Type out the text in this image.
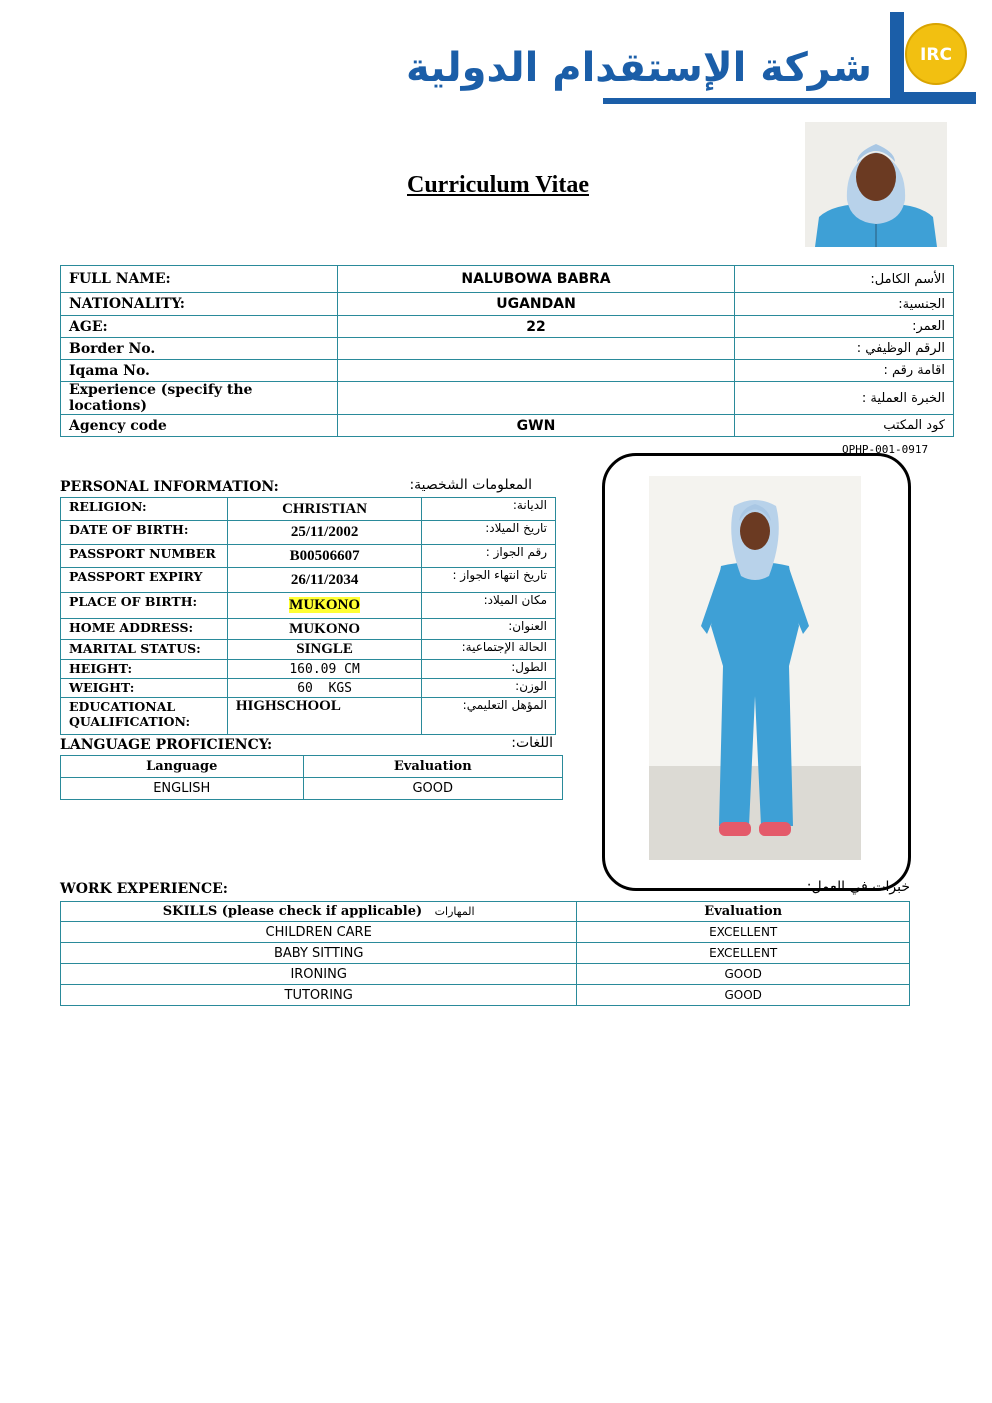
شركة الإستقدام الدولية	IRC
Curriculum Vitae
FULL NAME:	NALUBOWA BABRA	الأسم الكامل:
NATIONALITY:	UGANDAN	الجنسية:
AGE:	22	العمر:
Border No.		الرقم الوظيفي :
Iqama No.		اقامة رقم :
Experience (specify the locations)		الخبرة العملية :
Agency code	GWN	كود المكتب
OPHP-001-0917
PERSONAL INFORMATION:	المعلومات الشخصية:
RELIGION:	CHRISTIAN	الديانة:
DATE OF BIRTH:	25/11/2002	تاريخ الميلاد:
PASSPORT NUMBER	B00506607	رقم الجواز :
PASSPORT EXPIRY	26/11/2034	تاريخ انتهاء الجواز :
PLACE OF BIRTH:	MUKONO	مكان الميلاد:
HOME ADDRESS:	MUKONO	العنوان:
MARITAL STATUS:	SINGLE	الحالة الإجتماعية:
HEIGHT:	160.09 CM	الطول:
WEIGHT:	60  KGS	الوزن:
EDUCATIONAL QUALIFICATION:	HIGHSCHOOL	المؤهل التعليمي:
LANGUAGE PROFICIENCY:	اللغات:
Language	Evaluation
ENGLISH	GOOD
WORK EXPERIENCE:	خبرات في العمل:
SKILLS (please check if applicable) المهارات	Evaluation
CHILDREN CARE	EXCELLENT
BABY SITTING	EXCELLENT
IRONING	GOOD
TUTORING	GOOD
